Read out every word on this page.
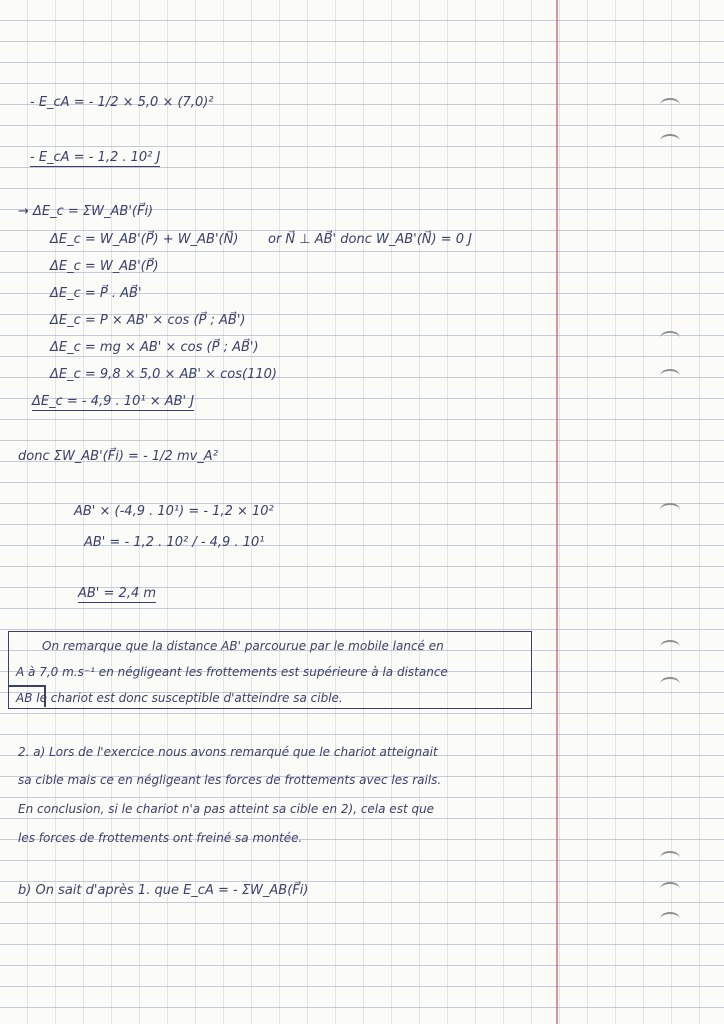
- E_cA = - 1/2 × 5,0 × (7,0)²
- E_cA = - 1,2 . 10² J
→ ΔE_c = ΣW_AB'(F⃗i)
ΔE_c = W_AB'(P⃗) + W_AB'(N⃗) or N⃗ ⊥ AB⃗' donc W_AB'(N⃗) = 0 J
ΔE_c = W_AB'(P⃗)
ΔE_c = P⃗ . AB⃗'
ΔE_c = P × AB' × cos (P⃗ ; AB⃗')
ΔE_c = mg × AB' × cos (P⃗ ; AB⃗')
ΔE_c = 9,8 × 5,0 × AB' × cos(110)
ΔE_c = - 4,9 . 10¹ × AB' J
donc ΣW_AB'(F⃗i) = - 1/2 mv_A²
AB' × (-4,9 . 10¹) = - 1,2 × 10²
AB' = - 1,2 . 10² / - 4,9 . 10¹
AB' = 2,4 m
On remarque que la distance AB' parcourue par le mobile lancé en
A à 7,0 m.s⁻¹ en négligeant les frottements est supérieure à la distance
AB le chariot est donc susceptible d'atteindre sa cible.
2. a) Lors de l'exercice nous avons remarqué que le chariot atteignait
sa cible mais ce en négligeant les forces de frottements avec les rails.
En conclusion, si le chariot n'a pas atteint sa cible en 2), cela est que
les forces de frottements ont freiné sa montée.
b) On sait d'après 1. que E_cA = - ΣW_AB(F⃗i)
